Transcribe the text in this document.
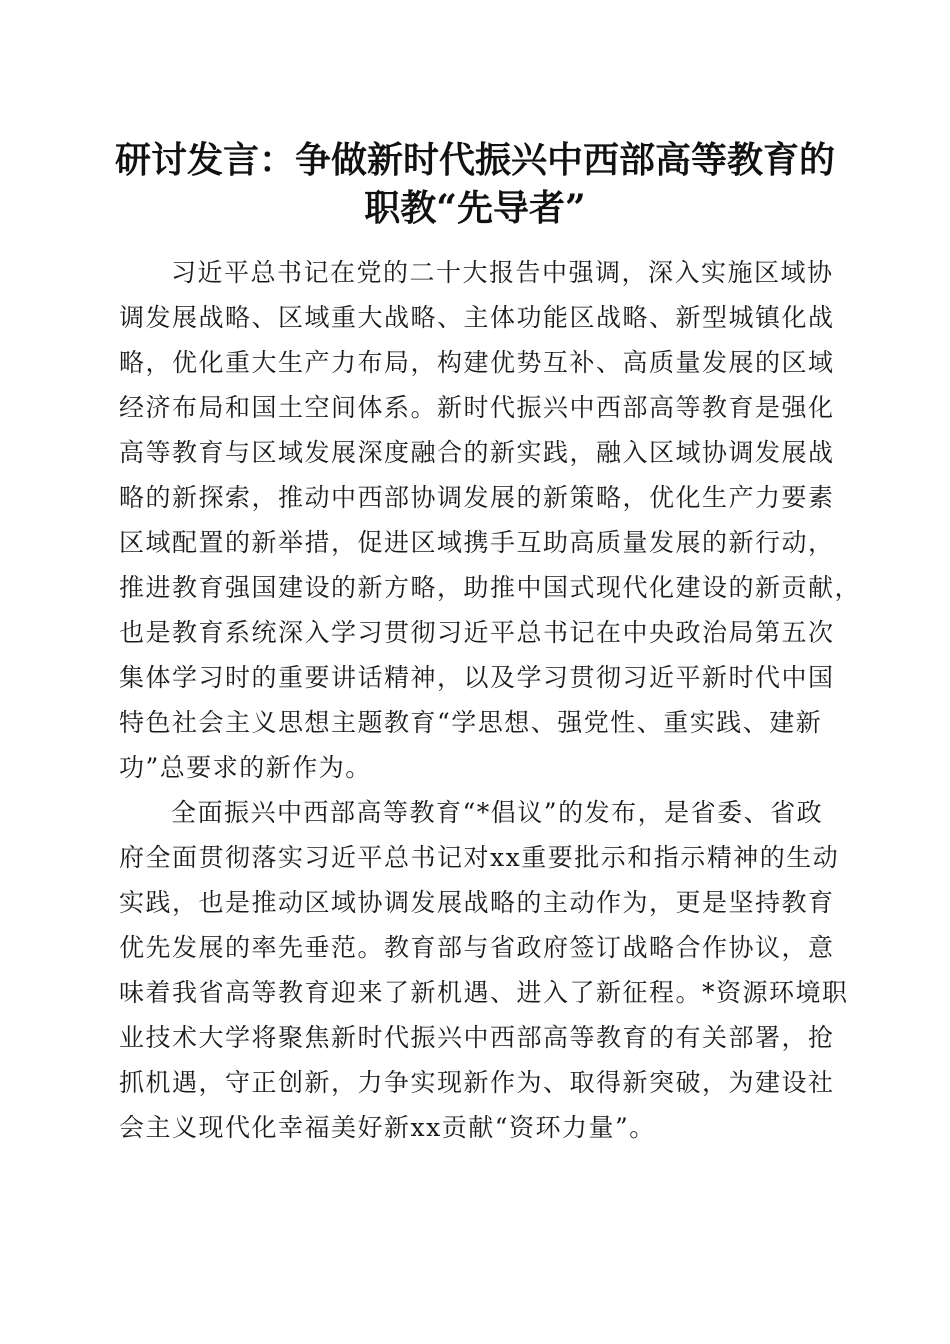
研讨发言：争做新时代振兴中西部高等教育的
职教“先导者”

习近平总书记在党的二十大报告中强调，深入实施区域协
调发展战略、区域重大战略、主体功能区战略、新型城镇化战
略，优化重大生产力布局，构建优势互补、高质量发展的区域
经济布局和国土空间体系。新时代振兴中西部高等教育是强化
高等教育与区域发展深度融合的新实践，融入区域协调发展战
略的新探索，推动中西部协调发展的新策略，优化生产力要素
区域配置的新举措，促进区域携手互助高质量发展的新行动，
推进教育强国建设的新方略，助推中国式现代化建设的新贡献，
也是教育系统深入学习贯彻习近平总书记在中央政治局第五次
集体学习时的重要讲话精神，以及学习贯彻习近平新时代中国
特色社会主义思想主题教育“学思想、强党性、重实践、建新
功”总要求的新作为。

全面振兴中西部高等教育“*倡议”的发布，是省委、省政
府全面贯彻落实习近平总书记对xx重要批示和指示精神的生动
实践，也是推动区域协调发展战略的主动作为，更是坚持教育
优先发展的率先垂范。教育部与省政府签订战略合作协议，意
味着我省高等教育迎来了新机遇、进入了新征程。*资源环境职
业技术大学将聚焦新时代振兴中西部高等教育的有关部署，抢
抓机遇，守正创新，力争实现新作为、取得新突破，为建设社
会主义现代化幸福美好新xx贡献“资环力量”。
